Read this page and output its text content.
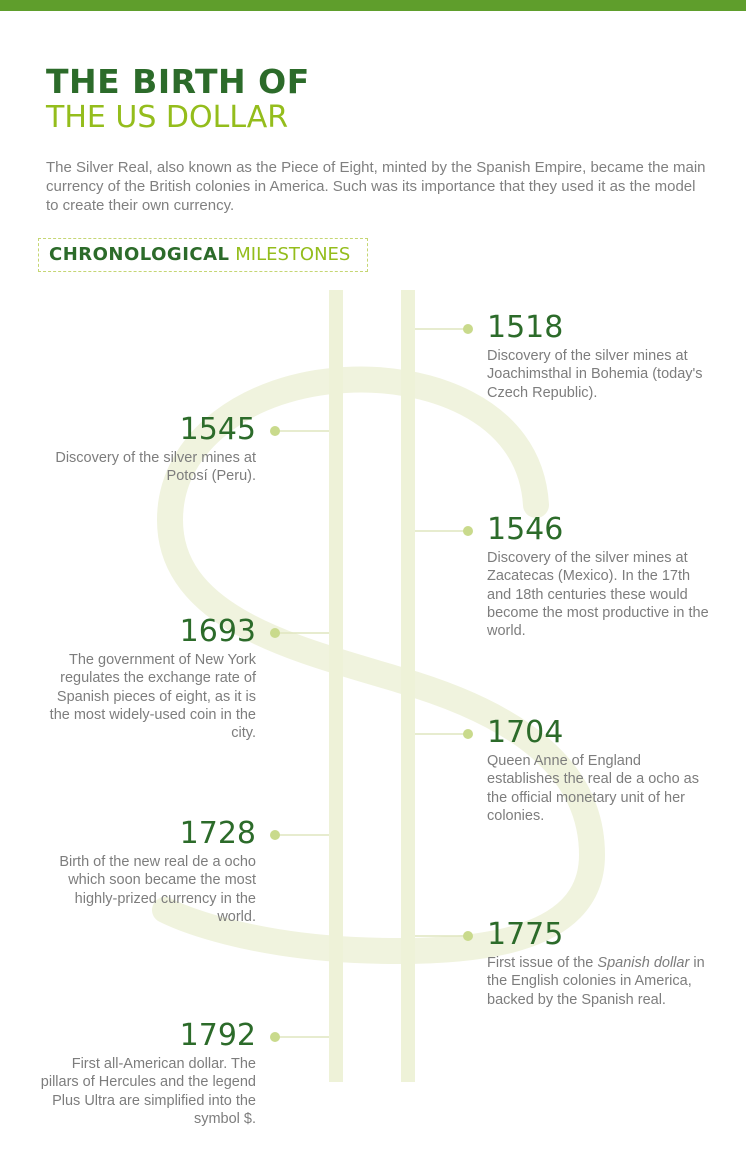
THE BIRTH OF
THE US DOLLAR

The Silver Real, also known as the Piece of Eight, minted by the Spanish Empire, became the main currency of the British colonies in America. Such was its importance that they used it as the model to create their own currency.

CHRONOLOGICAL MILESTONES
1518
Discovery of the silver mines at Joachimsthal in Bohemia (today's Czech Republic).
1545
Discovery of the silver mines at Potosí (Peru).
1546
Discovery of the silver mines at Zacatecas (Mexico). In the 17th and 18th centuries these would become the most productive in the world.
1693
The government of New York regulates the exchange rate of Spanish pieces of eight, as it is the most widely-used coin in the city.	1704
Queen Anne of England establishes the real de a ocho as the official monetary unit of her colonies.
1728
Birth of the new real de a ocho which soon became the most highly-prized currency in the world.
1775
First issue of the Spanish dollar in the English colonies in America, backed by the Spanish real.
1792
First all-American dollar. The pillars of Hercules and the legend Plus Ultra are simplified into the symbol $.
